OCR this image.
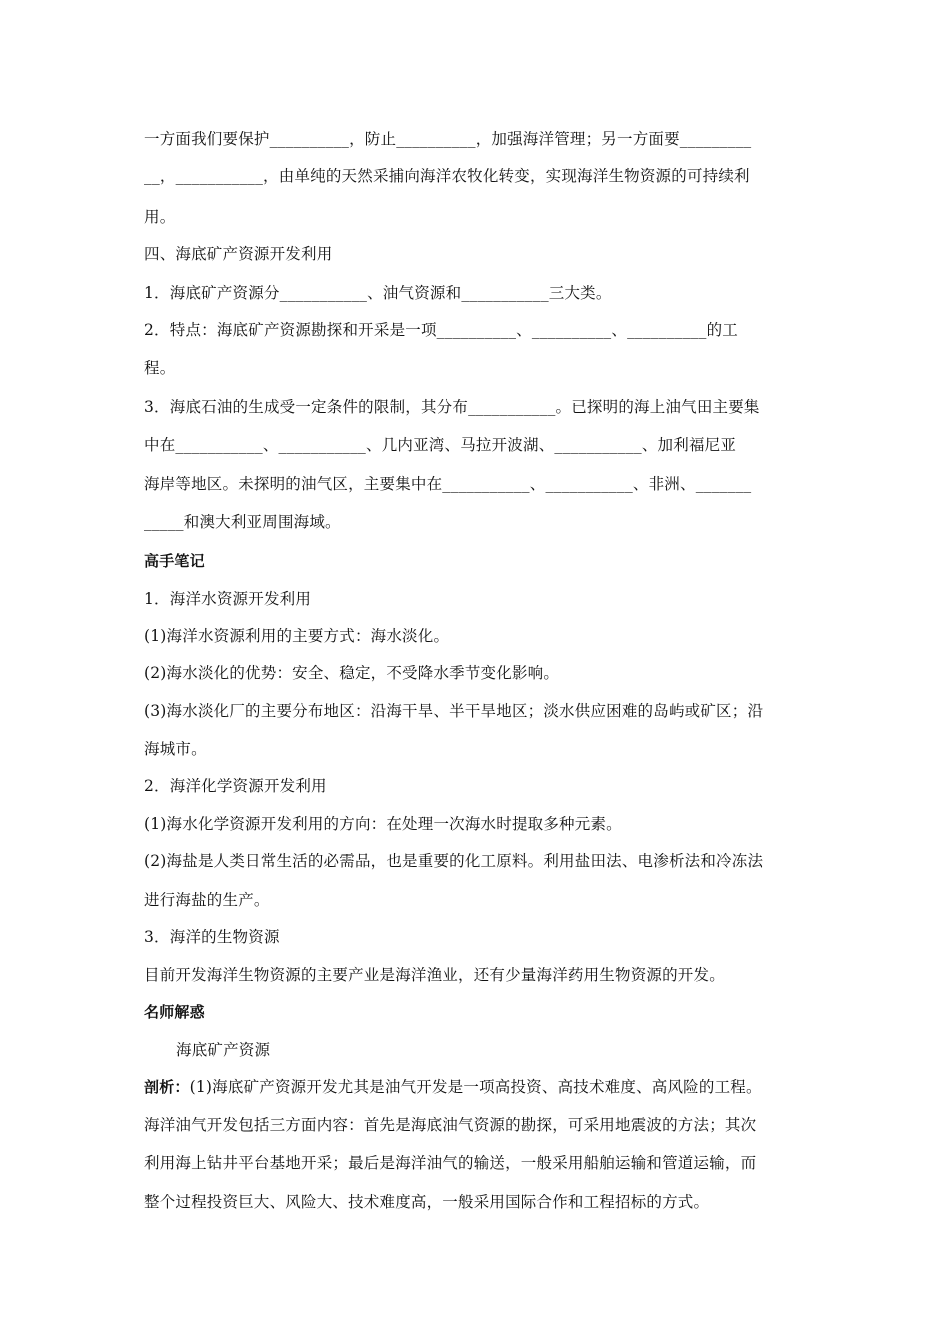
一方面我们要保护__________，防止__________，加强海洋管理；另一方面要_________
__，___________，由单纯的天然采捕向海洋农牧化转变，实现海洋生物资源的可持续利
用。
四、海底矿产资源开发利用
1．海底矿产资源分___________、油气资源和___________三大类。
2．特点：海底矿产资源勘探和开采是一项__________、__________、__________的工
程。
3．海底石油的生成受一定条件的限制，其分布___________。已探明的海上油气田主要集
中在___________、___________、几内亚湾、马拉开波湖、___________、加利福尼亚
海岸等地区。未探明的油气区，主要集中在___________、___________、非洲、_______
_____和澳大利亚周围海域。
高手笔记
1．海洋水资源开发利用
(1)海洋水资源利用的主要方式：海水淡化。
(2)海水淡化的优势：安全、稳定，不受降水季节变化影响。
(3)海水淡化厂的主要分布地区：沿海干旱、半干旱地区；淡水供应困难的岛屿或矿区；沿
海城市。
2．海洋化学资源开发利用
(1)海水化学资源开发利用的方向：在处理一次海水时提取多种元素。
(2)海盐是人类日常生活的必需品，也是重要的化工原料。利用盐田法、电渗析法和冷冻法
进行海盐的生产。
3．海洋的生物资源
目前开发海洋生物资源的主要产业是海洋渔业，还有少量海洋药用生物资源的开发。
名师解惑
海底矿产资源
剖析：(1)海底矿产资源开发尤其是油气开发是一项高投资、高技术难度、高风险的工程。
海洋油气开发包括三方面内容：首先是海底油气资源的勘探，可采用地震波的方法；其次
利用海上钻井平台基地开采；最后是海洋油气的输送，一般采用船舶运输和管道运输，而
整个过程投资巨大、风险大、技术难度高，一般采用国际合作和工程招标的方式。
